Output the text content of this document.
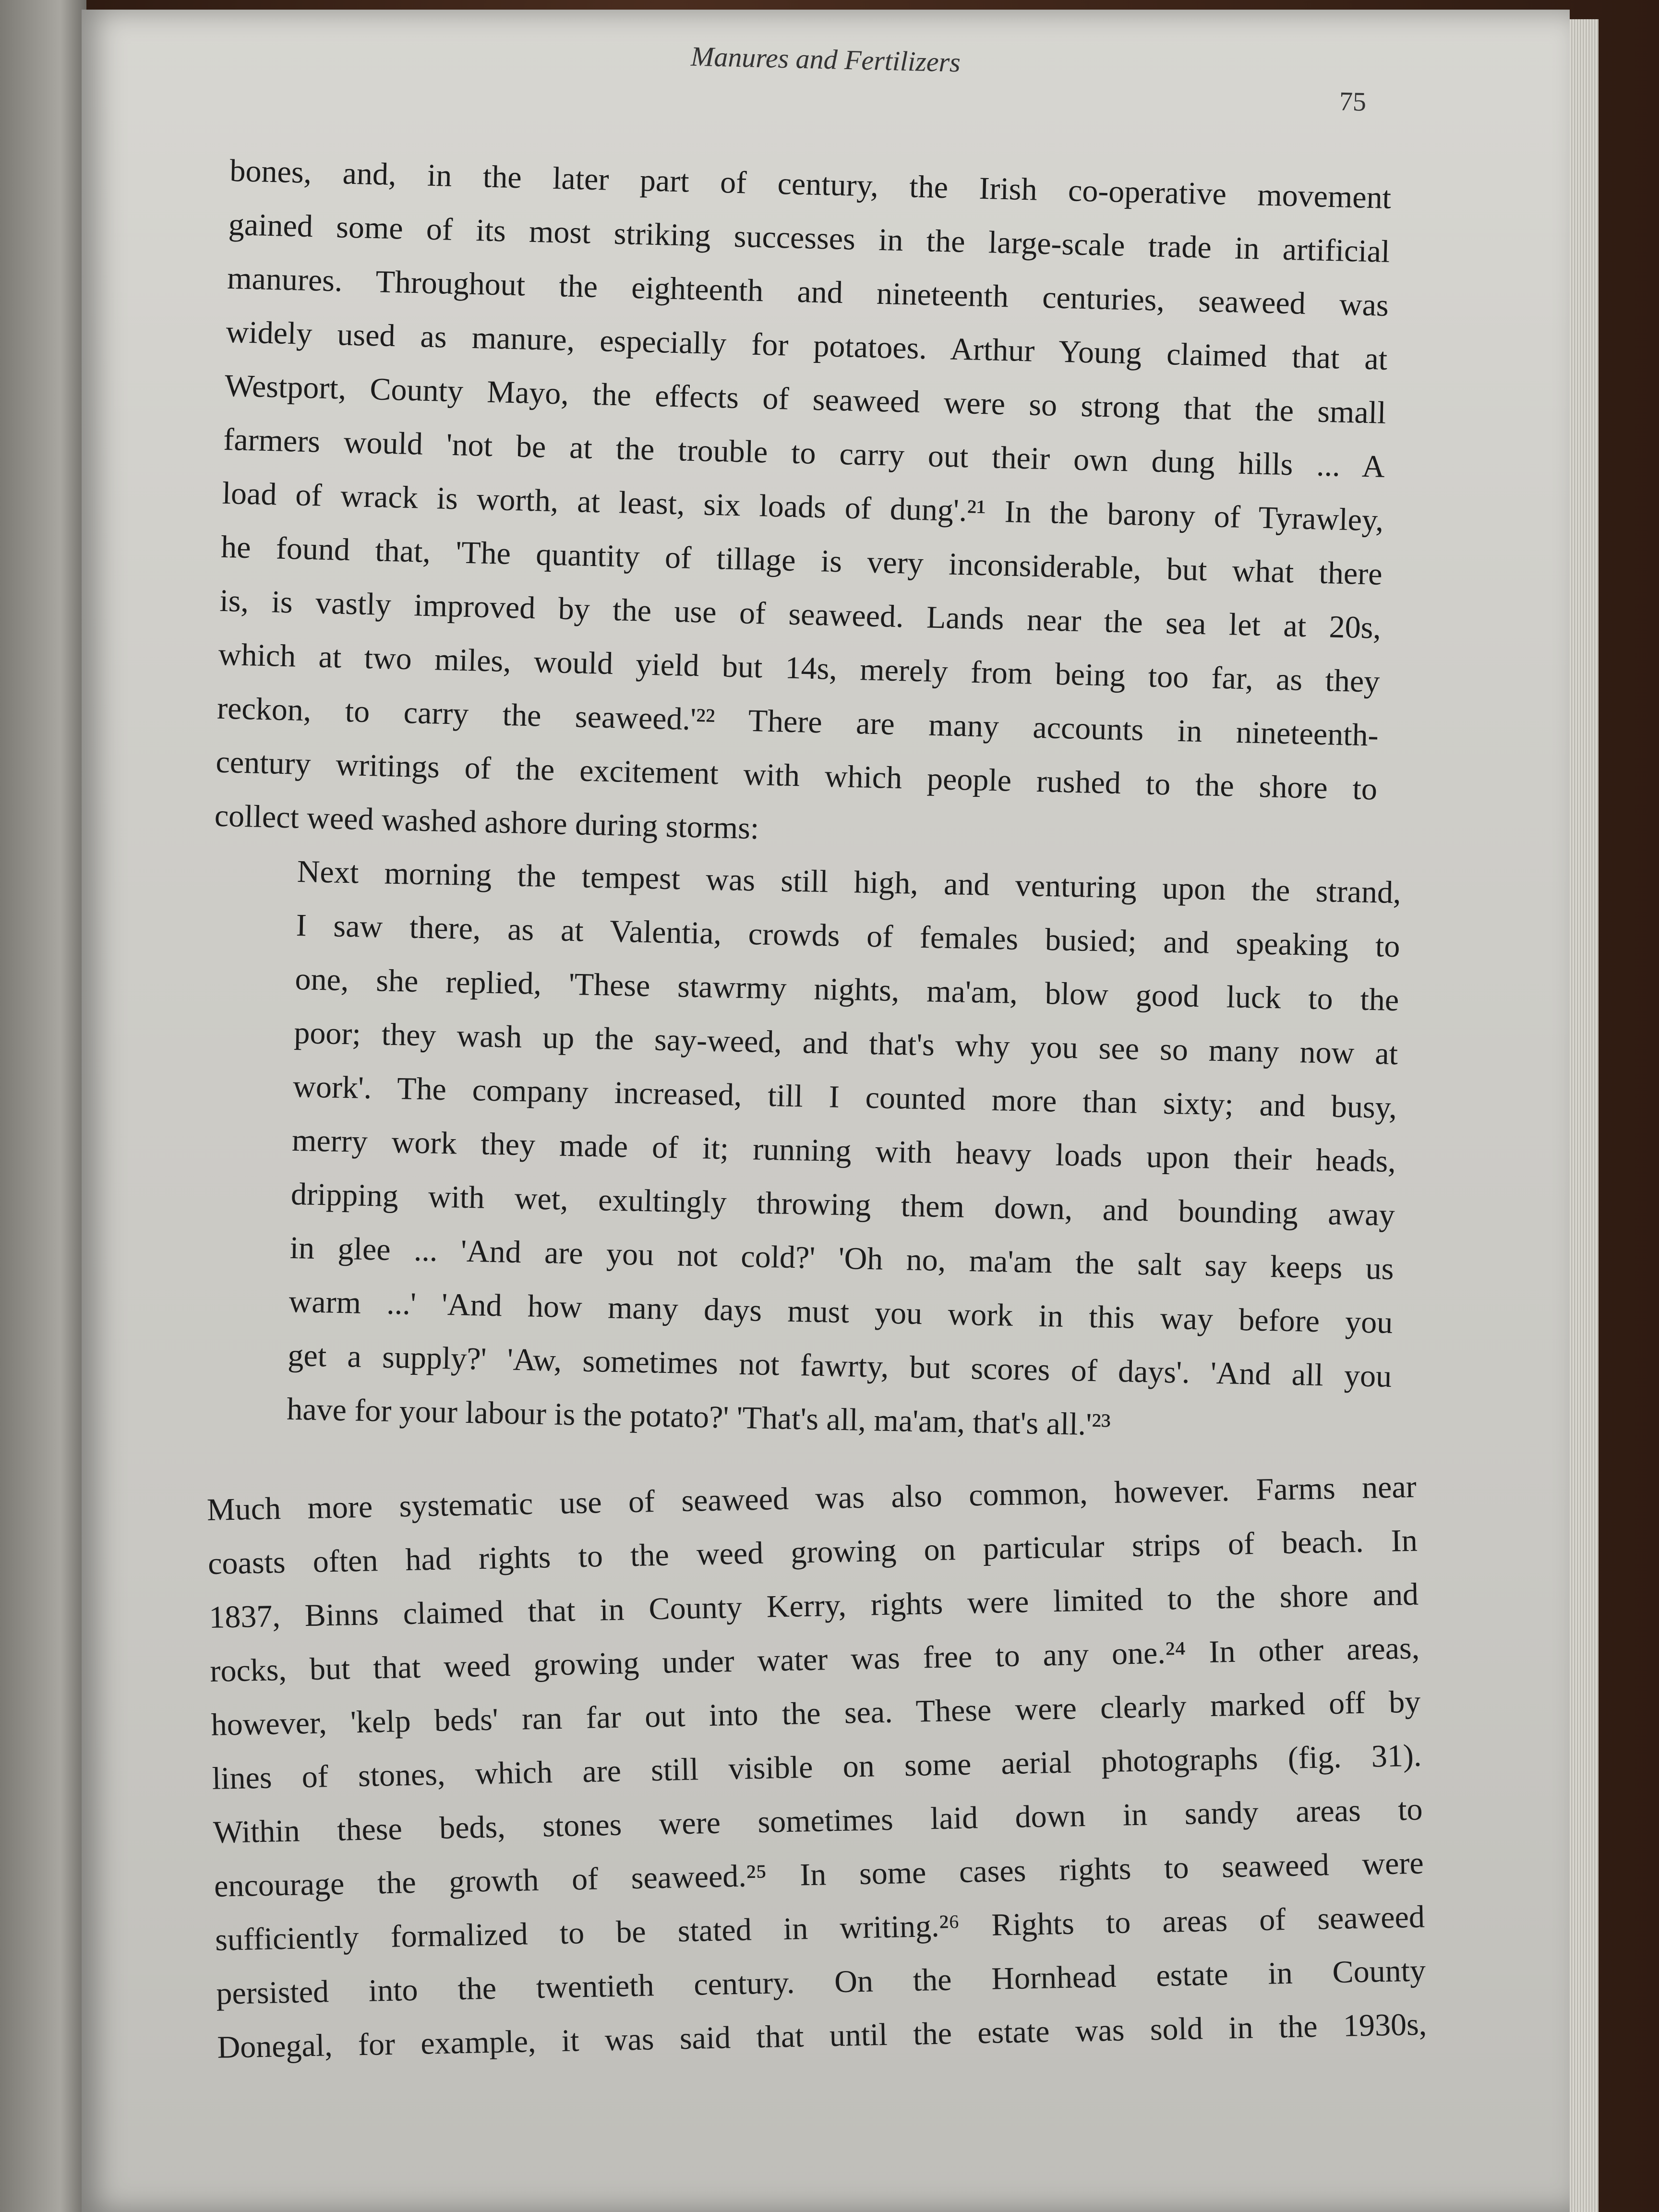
Manures and Fertilizers
75
bones, and, in the later part of century, the Irish co-operative movement
gained some of its most striking successes in the large-scale trade in artificial
manures. Throughout the eighteenth and nineteenth centuries, seaweed was
widely used as manure, especially for potatoes. Arthur Young claimed that at
Westport, County Mayo, the effects of seaweed were so strong that the small
farmers would 'not be at the trouble to carry out their own dung hills ... A
load of wrack is worth, at least, six loads of dung'.²¹ In the barony of Tyrawley,
he found that, 'The quantity of tillage is very inconsiderable, but what there
is, is vastly improved by the use of seaweed. Lands near the sea let at 20s,
which at two miles, would yield but 14s, merely from being too far, as they
reckon, to carry the seaweed.'²² There are many accounts in nineteenth-
century writings of the excitement with which people rushed to the shore to
collect weed washed ashore during storms:
Next morning the tempest was still high, and venturing upon the strand,
I saw there, as at Valentia, crowds of females busied; and speaking to
one, she replied, 'These stawrmy nights, ma'am, blow good luck to the
poor; they wash up the say-weed, and that's why you see so many now at
work'. The company increased, till I counted more than sixty; and busy,
merry work they made of it; running with heavy loads upon their heads,
dripping with wet, exultingly throwing them down, and bounding away
in glee ... 'And are you not cold?' 'Oh no, ma'am the salt say keeps us
warm ...' 'And how many days must you work in this way before you
get a supply?' 'Aw, sometimes not fawrty, but scores of days'. 'And all you
have for your labour is the potato?' 'That's all, ma'am, that's all.'²³
Much more systematic use of seaweed was also common, however. Farms near
coasts often had rights to the weed growing on particular strips of beach. In
1837, Binns claimed that in County Kerry, rights were limited to the shore and
rocks, but that weed growing under water was free to any one.²⁴ In other areas,
however, 'kelp beds' ran far out into the sea. These were clearly marked off by
lines of stones, which are still visible on some aerial photographs (fig. 31).
Within these beds, stones were sometimes laid down in sandy areas to
encourage the growth of seaweed.²⁵ In some cases rights to seaweed were
sufficiently formalized to be stated in writing.²⁶ Rights to areas of seaweed
persisted into the twentieth century. On the Hornhead estate in County
Donegal, for example, it was said that until the estate was sold in the 1930s,
